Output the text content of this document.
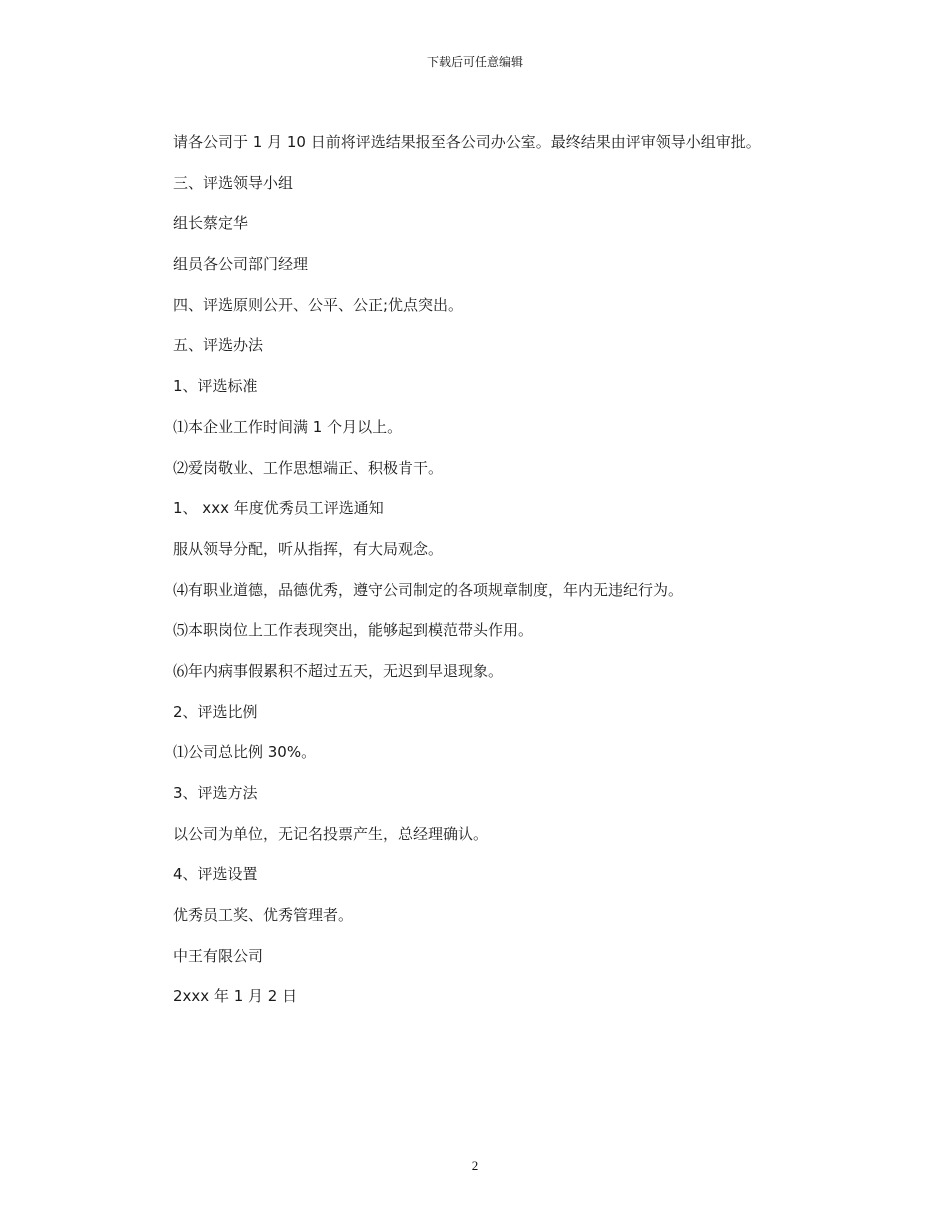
下载后可任意编辑

请各公司于 1 月 10 日前将评选结果报至各公司办公室。最终结果由评审领导小组审批。

三、评选领导小组

组长蔡定华

组员各公司部门经理

四、评选原则公开、公平、公正;优点突出。

五、评选办法

1、评选标准

⑴本企业工作时间满 1 个月以上。

⑵爱岗敬业、工作思想端正、积极肯干。

1、 xxx 年度优秀员工评选通知

服从领导分配，听从指挥，有大局观念。

⑷有职业道德，品德优秀，遵守公司制定的各项规章制度，年内无违纪行为。

⑸本职岗位上工作表现突出，能够起到模范带头作用。

⑹年内病事假累积不超过五天，无迟到早退现象。

2、评选比例

⑴公司总比例 30%。

3、评选方法

以公司为单位，无记名投票产生，总经理确认。

4、评选设置

优秀员工奖、优秀管理者。

中王有限公司

2xxx 年 1 月 2 日

2
